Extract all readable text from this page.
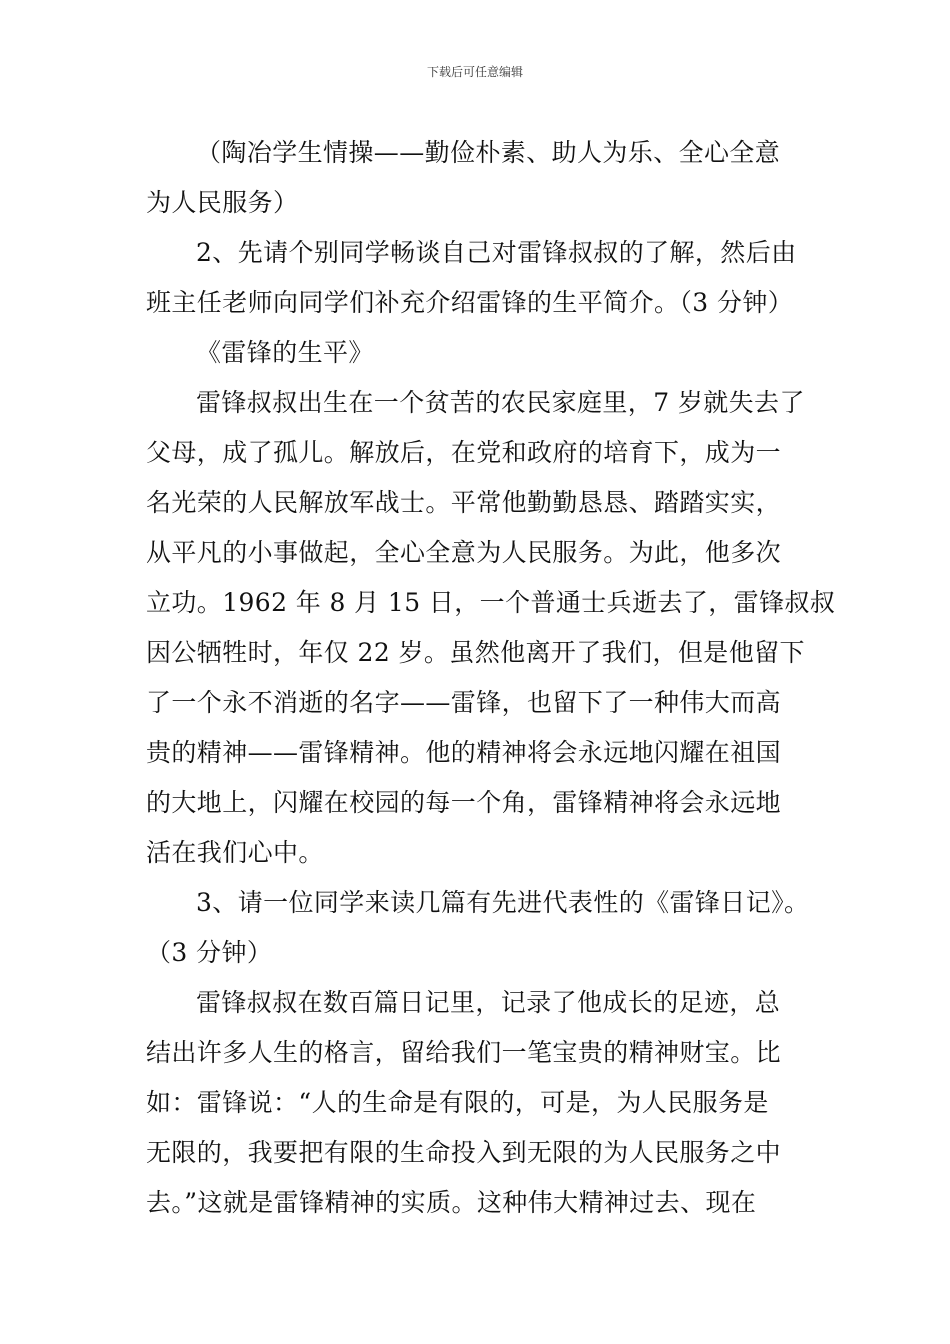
下载后可任意编辑
（陶冶学生情操——勤俭朴素、助人为乐、全心全意
为人民服务）
2、先请个别同学畅谈自己对雷锋叔叔的了解，然后由
班主任老师向同学们补充介绍雷锋的生平简介。（3 分钟）
《雷锋的生平》
雷锋叔叔出生在一个贫苦的农民家庭里，7 岁就失去了
父母，成了孤儿。解放后，在党和政府的培育下，成为一
名光荣的人民解放军战士。平常他勤勤恳恳、踏踏实实，
从平凡的小事做起，全心全意为人民服务。为此，他多次
立功。1962 年 8 月 15 日，一个普通士兵逝去了，雷锋叔叔
因公牺牲时，年仅 22 岁。虽然他离开了我们，但是他留下
了一个永不消逝的名字——雷锋，也留下了一种伟大而高
贵的精神——雷锋精神。他的精神将会永远地闪耀在祖国
的大地上，闪耀在校园的每一个角，雷锋精神将会永远地
活在我们心中。
3、请一位同学来读几篇有先进代表性的《雷锋日记》。
（3 分钟）
雷锋叔叔在数百篇日记里，记录了他成长的足迹，总
结出许多人生的格言，留给我们一笔宝贵的精神财宝。比
如：雷锋说：“人的生命是有限的，可是，为人民服务是
无限的，我要把有限的生命投入到无限的为人民服务之中
去。”这就是雷锋精神的实质。这种伟大精神过去、现在
